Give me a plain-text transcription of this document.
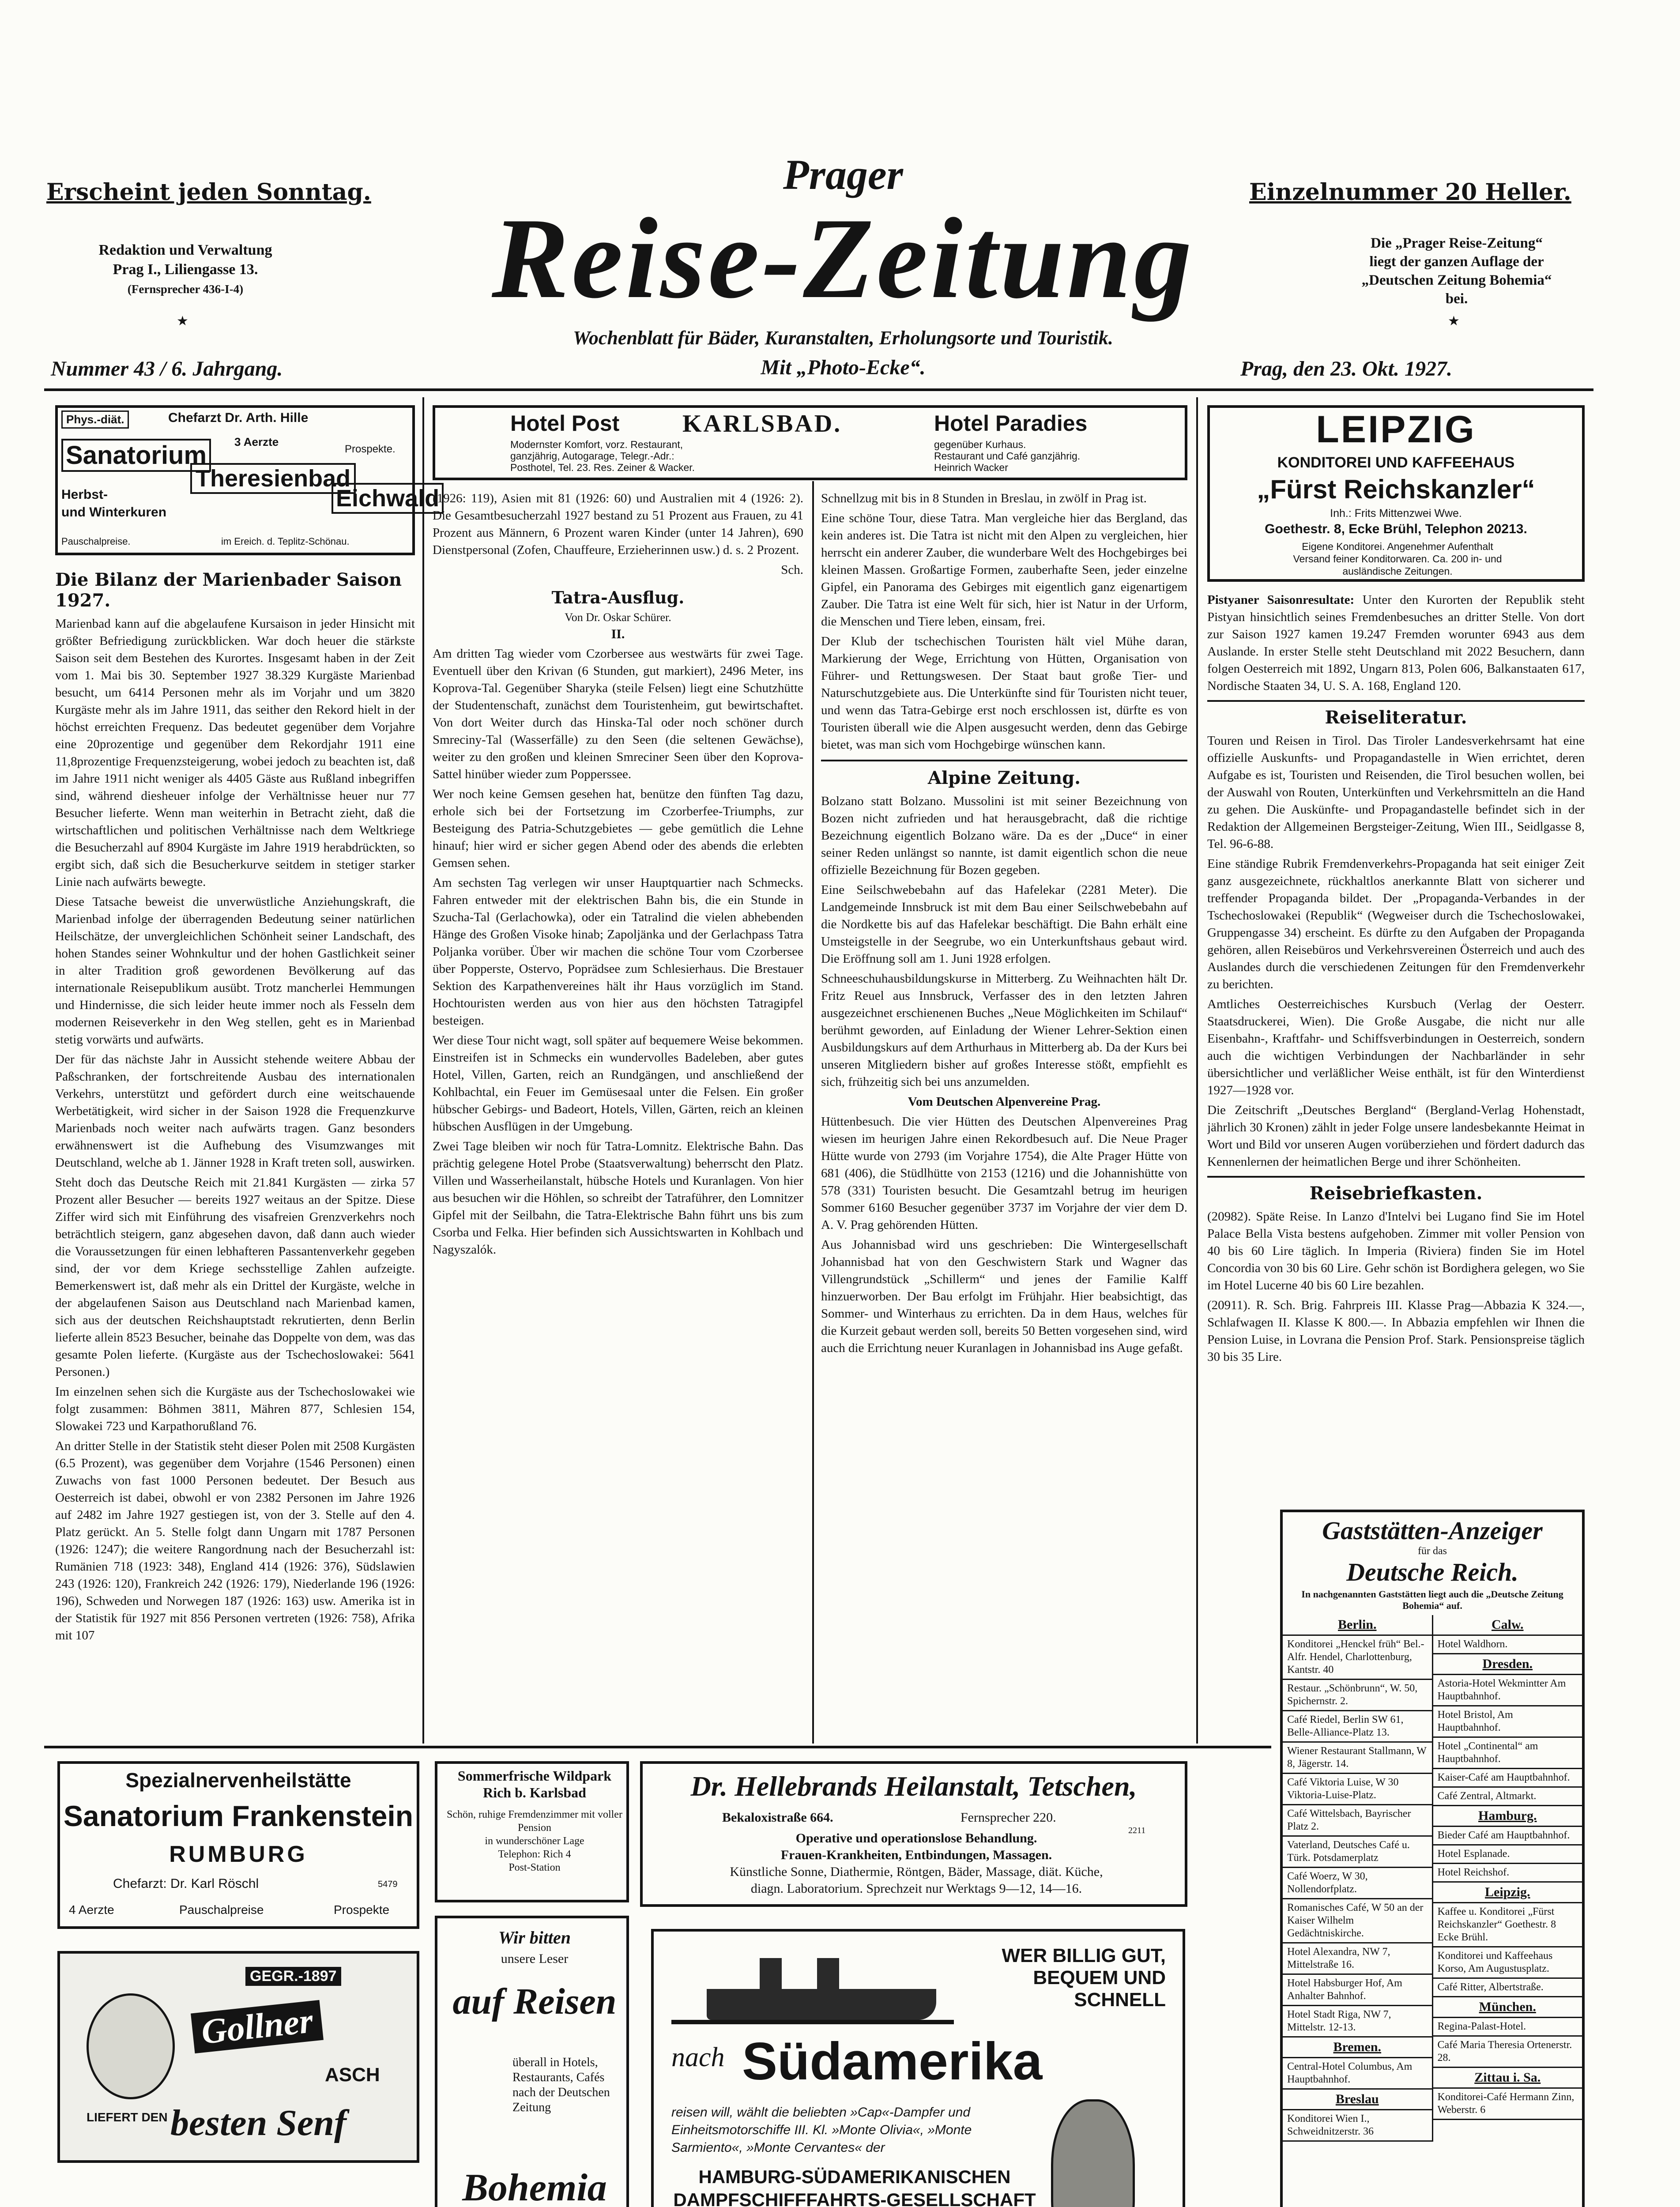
Prager
Reise-Zeitung
Erscheint jeden Sonntag.	Einzelnummer 20 Heller.
Redaktion und Verwaltung
Prag I., Liliengasse 13.
(Fernsprecher 436-I-4)
★
Die „Prager Reise-Zeitung“
liegt der ganzen Auflage der
„Deutschen Zeitung Bohemia“
bei.
★
Wochenblatt für Bäder, Kuranstalten, Erholungsorte und Touristik.
Mit „Photo-Ecke“.
Nummer 43 / 6. Jahrgang.	Prag, den 23. Okt. 1927.
Phys.-diät.	Chefarzt Dr. Arth. Hille
Sanatorium	3 Aerzte
Prospekte.
Theresienbad
Herbst-	Eichwald
und Winterkuren
Pauschalpreise.	im Ereich. d. Teplitz-Schönau.
Die Bilanz der Marienbader Saison 1927.

Marienbad kann auf die abgelaufene Kursaison in jeder Hinsicht mit größter Befriedigung zurückblicken. War doch heuer die stärkste Saison seit dem Bestehen des Kurortes. Insgesamt haben in der Zeit vom 1. Mai bis 30. September 1927 38.329 Kurgäste Marienbad besucht, um 6414 Personen mehr als im Vorjahr und um 3820 Kurgäste mehr als im Jahre 1911, das seither den Rekord hielt in der höchst erreichten Frequenz. Das bedeutet gegenüber dem Vorjahre eine 20prozentige und gegenüber dem Rekordjahr 1911 eine 11,8prozentige Frequenzsteigerung, wobei jedoch zu beachten ist, daß im Jahre 1911 nicht weniger als 4405 Gäste aus Rußland inbegriffen sind, während diesheuer infolge der Verhältnisse heuer nur 77 Besucher lieferte. Wenn man weiterhin in Betracht zieht, daß die wirtschaftlichen und politischen Verhältnisse nach dem Weltkriege die Besucherzahl auf 8904 Kurgäste im Jahre 1919 herabdrückten, so ergibt sich, daß sich die Besucherkurve seitdem in stetiger starker Linie nach aufwärts bewegte.

Diese Tatsache beweist die unverwüstliche Anziehungskraft, die Marienbad infolge der überragenden Bedeutung seiner natürlichen Heilschätze, der unvergleichlichen Schönheit seiner Landschaft, des hohen Standes seiner Wohnkultur und der hohen Gastlichkeit seiner in alter Tradition groß gewordenen Bevölkerung auf das internationale Reisepublikum ausübt. Trotz mancherlei Hemmungen und Hindernisse, die sich leider heute immer noch als Fesseln dem modernen Reiseverkehr in den Weg stellen, geht es in Marienbad stetig vorwärts und aufwärts.

Der für das nächste Jahr in Aussicht stehende weitere Abbau der Paßschranken, der fortschreitende Ausbau des internationalen Verkehrs, unterstützt und gefördert durch eine weitschauende Werbetätigkeit, wird sicher in der Saison 1928 die Frequenzkurve Marienbads noch weiter nach aufwärts tragen. Ganz besonders erwähnenswert ist die Aufhebung des Visumzwanges mit Deutschland, welche ab 1. Jänner 1928 in Kraft treten soll, auswirken.

Steht doch das Deutsche Reich mit 21.841 Kurgästen — zirka 57 Prozent aller Besucher — bereits 1927 weitaus an der Spitze. Diese Ziffer wird sich mit Einführung des visafreien Grenzverkehrs noch beträchtlich steigern, ganz abgesehen davon, daß dann auch wieder die Voraussetzungen für einen lebhafteren Passantenverkehr gegeben sind, der vor dem Kriege sechsstellige Zahlen aufzeigte. Bemerkenswert ist, daß mehr als ein Drittel der Kurgäste, welche in der abgelaufenen Saison aus Deutschland nach Marienbad kamen, sich aus der deutschen Reichshauptstadt rekrutierten, denn Berlin lieferte allein 8523 Besucher, beinahe das Doppelte von dem, was das gesamte Polen lieferte. (Kurgäste aus der Tschechoslowakei: 5641 Personen.)

Im einzelnen sehen sich die Kurgäste aus der Tschechoslowakei wie folgt zusammen: Böhmen 3811, Mähren 877, Schlesien 154, Slowakei 723 und Karpathorußland 76.

An dritter Stelle in der Statistik steht dieser Polen mit 2508 Kurgästen (6.5 Prozent), was gegenüber dem Vorjahre (1546 Personen) einen Zuwachs von fast 1000 Personen bedeutet. Der Besuch aus Oesterreich ist dabei, obwohl er von 2382 Personen im Jahre 1926 auf 2482 im Jahre 1927 gestiegen ist, von der 3. Stelle auf den 4. Platz gerückt. An 5. Stelle folgt dann Ungarn mit 1787 Personen (1926: 1247); die weitere Rangordnung nach der Besucherzahl ist: Rumänien 718 (1923: 348), England 414 (1926: 376), Südslawien 243 (1926: 120), Frankreich 242 (1926: 179), Niederlande 196 (1926: 196), Schweden und Norwegen 187 (1926: 163) usw. Amerika ist in der Statistik für 1927 mit 856 Personen vertreten (1926: 758), Afrika mit 107

Hotel Post	KARLSBAD.	Hotel Paradies
Modernster Komfort, vorz. Restaurant,
ganzjährig, Autogarage, Telegr.-Adr.:
Posthotel, Tel. 23. Res. Zeiner & Wacker.
gegenüber Kurhaus.
Restaurant und Café ganzjährig.
Heinrich Wacker

(1926: 119), Asien mit 81 (1926: 60) und Australien mit 4 (1926: 2). Die Gesamtbesucherzahl 1927 bestand zu 51 Prozent aus Frauen, zu 41 Prozent aus Männern, 6 Prozent waren Kinder (unter 14 Jahren), 690 Dienstpersonal (Zofen, Chauffeure, Erzieherinnen usw.) d. s. 2 Prozent.

Sch.

Tatra-Ausflug.
Von Dr. Oskar Schürer.
II.

Am dritten Tag wieder vom Czorbersee aus westwärts für zwei Tage. Eventuell über den Krivan (6 Stunden, gut markiert), 2496 Meter, ins Koprova-Tal. Gegenüber Sharyka (steile Felsen) liegt eine Schutzhütte der Studentenschaft, zunächst dem Touristenheim, gut bewirtschaftet. Von dort Weiter durch das Hinska-Tal oder noch schöner durch Smreciny-Tal (Wasserfälle) zu den Seen (die seltenen Gewächse), weiter zu den großen und kleinen Smreciner Seen über den Koprova-Sattel hinüber wieder zum Popperssee.

Wer noch keine Gemsen gesehen hat, benütze den fünften Tag dazu, erhole sich bei der Fortsetzung im Czorberfee-Triumphs, zur Besteigung des Patria-Schutzgebietes — gebe gemütlich die Lehne hinauf; hier wird er sicher gegen Abend oder des abends die erlebten Gemsen sehen.

Am sechsten Tag verlegen wir unser Hauptquartier nach Schmecks. Fahren entweder mit der elektrischen Bahn bis, die ein Stunde in Szucha-Tal (Gerlachowka), oder ein Tatralind die vielen abhebenden Hänge des Großen Visoke hinab; Zapoljänka und der Gerlachpass Tatra Poljanka vorüber. Über wir machen die schöne Tour vom Czorbersee über Popperste, Ostervo, Poprädsee zum Schlesierhaus. Die Brestauer Sektion des Karpathenvereines hält ihr Haus vorzüglich im Stand. Hochtouristen werden aus von hier aus den höchsten Tatragipfel besteigen.

Wer diese Tour nicht wagt, soll später auf bequemere Weise bekommen. Einstreifen ist in Schmecks ein wundervolles Badeleben, aber gutes Hotel, Villen, Garten, reich an Rundgängen, und anschließend der Kohlbachtal, ein Feuer im Gemüsesaal unter die Felsen. Ein großer hübscher Gebirgs- und Badeort, Hotels, Villen, Gärten, reich an kleinen hübschen Ausflügen in der Umgebung.

Zwei Tage bleiben wir noch für Tatra-Lomnitz. Elektrische Bahn. Das prächtig gelegene Hotel Probe (Staatsverwaltung) beherrscht den Platz. Villen und Wasserheilanstalt, hübsche Hotels und Kuranlagen. Von hier aus besuchen wir die Höhlen, so schreibt der Tatraführer, den Lomnitzer Gipfel mit der Seilbahn, die Tatra-Elektrische Bahn führt uns bis zum Csorba und Felka. Hier befinden sich Aussichtswarten in Kohlbach und Nagyszalók.

Schnellzug mit bis in 8 Stunden in Breslau, in zwölf in Prag ist.

Eine schöne Tour, diese Tatra. Man vergleiche hier das Bergland, das kein anderes ist. Die Tatra ist nicht mit den Alpen zu vergleichen, hier herrscht ein anderer Zauber, die wunderbare Welt des Hochgebirges bei kleinen Massen. Großartige Formen, zauberhafte Seen, jeder einzelne Gipfel, ein Panorama des Gebirges mit eigentlich ganz eigenartigem Zauber. Die Tatra ist eine Welt für sich, hier ist Natur in der Urform, die Menschen und Tiere leben, einsam, frei.

Der Klub der tschechischen Touristen hält viel Mühe daran, Markierung der Wege, Errichtung von Hütten, Organisation von Führer- und Rettungswesen. Der Staat baut große Tier- und Naturschutzgebiete aus. Die Unterkünfte sind für Touristen nicht teuer, und wenn das Tatra-Gebirge erst noch erschlossen ist, dürfte es von Touristen überall wie die Alpen ausgesucht werden, denn das Gebirge bietet, was man sich vom Hochgebirge wünschen kann.

Alpine Zeitung.

Bolzano statt Bolzano. Mussolini ist mit seiner Bezeichnung von Bozen nicht zufrieden und hat herausgebracht, daß die richtige Bezeichnung eigentlich Bolzano wäre. Da es der „Duce“ in einer seiner Reden unlängst so nannte, ist damit eigentlich schon die neue offizielle Bezeichnung für Bozen gegeben.

Eine Seilschwebebahn auf das Hafelekar (2281 Meter). Die Landgemeinde Innsbruck ist mit dem Bau einer Seilschwebebahn auf die Nordkette bis auf das Hafelekar beschäftigt. Die Bahn erhält eine Umsteigstelle in der Seegrube, wo ein Unterkunftshaus gebaut wird. Die Eröffnung soll am 1. Juni 1928 erfolgen.

Schneeschuhausbildungskurse in Mitterberg. Zu Weihnachten hält Dr. Fritz Reuel aus Innsbruck, Verfasser des in den letzten Jahren ausgezeichnet erschienenen Buches „Neue Möglichkeiten im Schilauf“ berühmt geworden, auf Einladung der Wiener Lehrer-Sektion einen Ausbildungskurs auf dem Arthurhaus in Mitterberg ab. Da der Kurs bei unseren Mitgliedern bisher auf großes Interesse stößt, empfiehlt es sich, frühzeitig sich bei uns anzumelden.

Vom Deutschen Alpenvereine Prag.

Hüttenbesuch. Die vier Hütten des Deutschen Alpenvereines Prag wiesen im heurigen Jahre einen Rekordbesuch auf. Die Neue Prager Hütte wurde von 2793 (im Vorjahre 1754), die Alte Prager Hütte von 681 (406), die Stüdlhütte von 2153 (1216) und die Johannishütte von 578 (331) Touristen besucht. Die Gesamtzahl betrug im heurigen Sommer 6160 Besucher gegenüber 3737 im Vorjahre der vier dem D. A. V. Prag gehörenden Hütten.

Aus Johannisbad wird uns geschrieben: Die Wintergesellschaft Johannisbad hat von den Geschwistern Stark und Wagner das Villengrundstück „Schillerm“ und jenes der Familie Kalff hinzuerworben. Der Bau erfolgt im Frühjahr. Hier beabsichtigt, das Sommer- und Winterhaus zu errichten. Da in dem Haus, welches für die Kurzeit gebaut werden soll, bereits 50 Betten vorgesehen sind, wird auch die Errichtung neuer Kuranlagen in Johannisbad ins Auge gefaßt.

LEIPZIG
KONDITOREI UND KAFFEEHAUS
„Fürst Reichskanzler“
Inh.: Frits Mittenzwei Wwe.
Goethestr. 8, Ecke Brühl, Telephon 20213.
Eigene Konditorei. Angenehmer Aufenthalt
Versand feiner Konditorwaren. Ca. 200 in- und
ausländische Zeitungen.

Pistyaner Saisonresultate: Unter den Kurorten der Republik steht Pistyan hinsichtlich seines Fremdenbesuches an dritter Stelle. Von dort zur Saison 1927 kamen 19.247 Fremden worunter 6943 aus dem Auslande. In erster Stelle steht Deutschland mit 2022 Besuchern, dann folgen Oesterreich mit 1892, Ungarn 813, Polen 606, Balkanstaaten 617, Nordische Staaten 34, U. S. A. 168, England 120.

Reiseliteratur.

Touren und Reisen in Tirol. Das Tiroler Landesverkehrsamt hat eine offizielle Auskunfts- und Propagandastelle in Wien errichtet, deren Aufgabe es ist, Touristen und Reisenden, die Tirol besuchen wollen, bei der Auswahl von Routen, Unterkünften und Verkehrsmitteln an die Hand zu gehen. Die Auskünfte- und Propagandastelle befindet sich in der Redaktion der Allgemeinen Bergsteiger-Zeitung, Wien III., Seidlgasse 8, Tel. 96-6-88.

Eine ständige Rubrik Fremdenverkehrs-Propaganda hat seit einiger Zeit ganz ausgezeichnete, rückhaltlos anerkannte Blatt von sicherer und treffender Propaganda bildet. Der „Propaganda-Verbandes in der Tschechoslowakei (Republik“ (Wegweiser durch die Tschechoslowakei, Gruppengasse 34) erscheint. Es dürfte zu den Aufgaben der Propaganda gehören, allen Reisebüros und Verkehrsvereinen Österreich und auch des Auslandes durch die verschiedenen Zeitungen für den Fremdenverkehr zu berichten.

Amtliches Oesterreichisches Kursbuch (Verlag der Oesterr. Staatsdruckerei, Wien). Die Große Ausgabe, die nicht nur alle Eisenbahn-, Kraftfahr- und Schiffsverbindungen in Oesterreich, sondern auch die wichtigen Verbindungen der Nachbarländer in sehr übersichtlicher und verläßlicher Weise enthält, ist für den Winterdienst 1927—1928 vor.

Die Zeitschrift „Deutsches Bergland“ (Bergland-Verlag Hohenstadt, jährlich 30 Kronen) zählt in jeder Folge unsere landesbekannte Heimat in Wort und Bild vor unseren Augen vorüberziehen und fördert dadurch das Kennenlernen der heimatlichen Berge und ihrer Schönheiten.

Reisebriefkasten.

(20982). Späte Reise. In Lanzo d'Intelvi bei Lugano find Sie im Hotel Palace Bella Vista bestens aufgehoben. Zimmer mit voller Pension von 40 bis 60 Lire täglich. In Imperia (Riviera) finden Sie im Hotel Concordia von 30 bis 60 Lire. Gehr schön ist Bordighera gelegen, wo Sie im Hotel Lucerne 40 bis 60 Lire bezahlen.

(20911). R. Sch. Brig. Fahrpreis III. Klasse Prag—Abbazia K 324.—, Schlafwagen II. Klasse K 800.—. In Abbazia empfehlen wir Ihnen die Pension Luise, in Lovrana die Pension Prof. Stark. Pensionspreise täglich 30 bis 35 Lire.

Gaststätten-Anzeiger
für das
Deutsche Reich.
In nachgenannten Gaststätten liegt auch die „Deutsche Zeitung Bohemia“ auf.
Berlin.
Konditorei „Henckel früh“ Bel.-Alfr. Hendel, Charlottenburg, Kantstr. 40
Restaur. „Schönbrunn“, W. 50, Spichernstr. 2.
Café Riedel, Berlin SW 61, Belle-Alliance-Platz 13.
Wiener Restaurant Stallmann, W 8, Jägerstr. 14.
Café Viktoria Luise, W 30 Viktoria-Luise-Platz.
Café Wittelsbach, Bayrischer Platz 2.
Vaterland, Deutsches Café u. Türk. Potsdamerplatz
Café Woerz, W 30, Nollendorfplatz.
Romanisches Café, W 50 an der Kaiser Wilhelm Gedächtniskirche.
Hotel Alexandra, NW 7, Mittelstraße 16.
Hotel Habsburger Hof, Am Anhalter Bahnhof.
Hotel Stadt Riga, NW 7, Mittelstr. 12-13.
Bremen.
Central-Hotel Columbus, Am Hauptbahnhof.
Breslau
Konditorei Wien I., Schweidnitzerstr. 36
Calw.
Hotel Waldhorn.
Dresden.
Astoria-Hotel Wekmintter Am Hauptbahnhof.
Hotel Bristol, Am Hauptbahnhof.
Hotel „Continental“ am Hauptbahnhof.
Kaiser-Café am Hauptbahnhof.
Café Zentral, Altmarkt.
Hamburg.
Bieder Café am Hauptbahnhof.
Hotel Esplanade.
Hotel Reichshof.
Leipzig.
Kaffee u. Konditorei „Fürst Reichskanzler“ Goethestr. 8 Ecke Brühl.
Konditorei und Kaffeehaus Korso, Am Augustusplatz.
Café Ritter, Albertstraße.
München.
Regina-Palast-Hotel.
Café Maria Theresia Ortenerstr. 28.
Zittau i. Sa.
Konditorei-Café Hermann Zinn, Weberstr. 6
Spezialnervenheilstätte
Sanatorium Frankenstein
RUMBURG
Chefarzt: Dr. Karl Röschl	5479
4 Aerzte	Pauschalpreise	Prospekte
GEGR.-1897
Gollner
ASCH
LIEFERT DEN besten Senf
Sommerfrische Wildpark Rich b. Karlsbad
Schön, ruhige Fremdenzimmer mit voller Pension
in wunderschöner Lage
Telephon: Rich 4
Post-Station
Wir bitten
unsere Leser
auf Reisen
überall in Hotels, Restaurants, Cafés nach der Deutschen Zeitung
Bohemia
Dr. Hellebrands Heilanstalt, Tetschen,
Bekaloxistraße 664.	Fernsprecher 220.
2211
Operative und operationslose Behandlung.
Frauen-Krankheiten, Entbindungen, Massagen.
Künstliche Sonne, Diathermie, Röntgen, Bäder, Massage, diät. Küche,
diagn. Laboratorium. Sprechzeit nur Werktags 9—12, 14—16.
WER BILLIG GUT, BEQUEM UND SCHNELL
nach Südamerika
reisen will, wählt die beliebten »Cap«-Dampfer und
Einheitsmotorschiffe III. Kl. »Monte Olivia«, »Monte
Sarmiento«, »Monte Cervantes« der
HAMBURG-SÜDAMERIKANISCHEN DAMPFSCHIFFFAHRTS-GESELLSCHAFT
